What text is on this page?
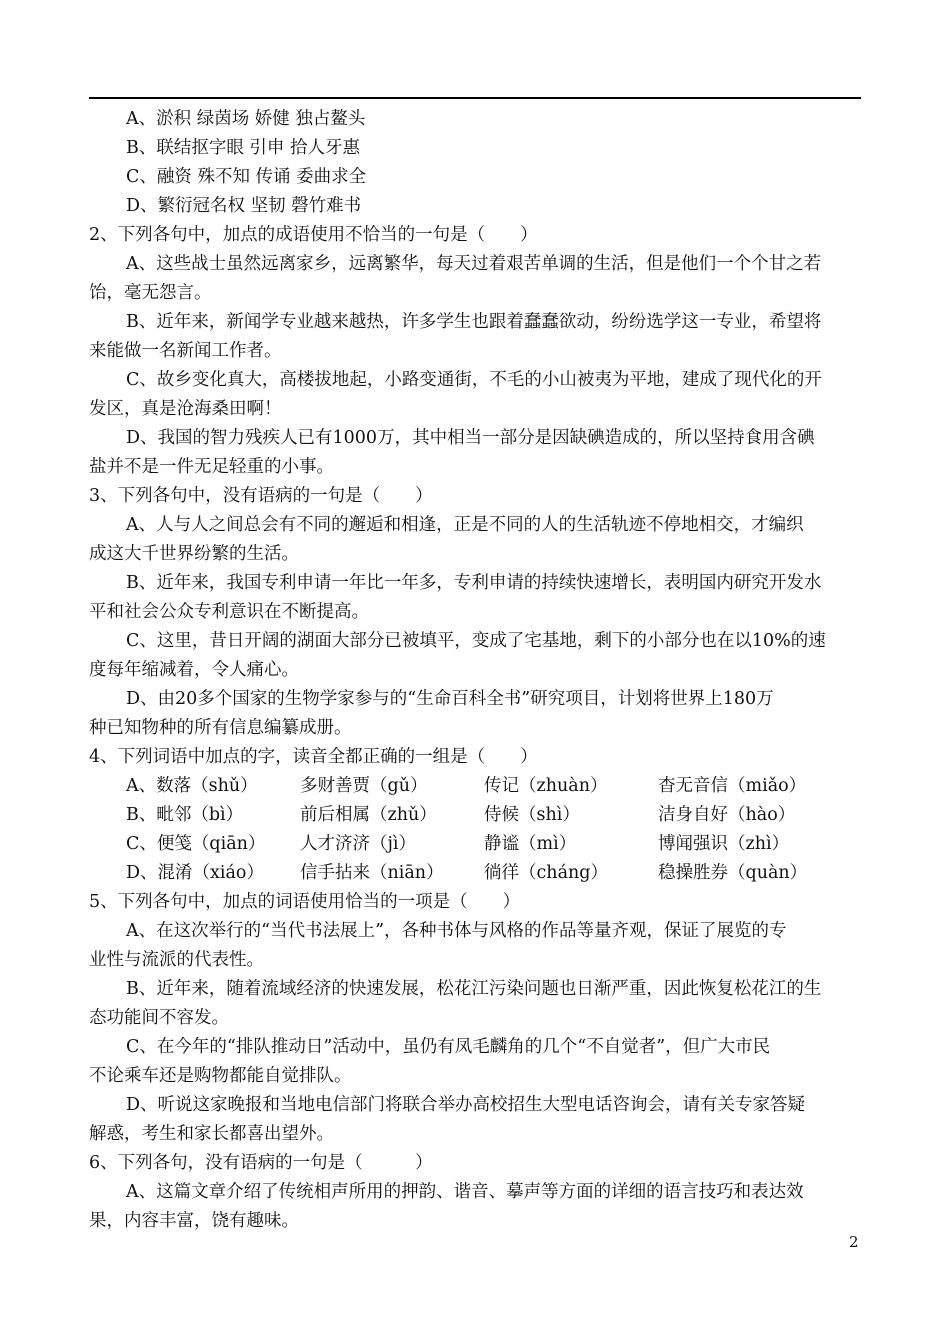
A、淤积 绿茵场 娇健 独占鳌头
B、联结抠字眼 引申 拾人牙惠
C、融资 殊不知 传诵 委曲求全
D、繁衍冠名权 坚韧 磬竹难书
2、下列各句中，加点的成语使用不恰当的一句是（　　）
A、这些战士虽然远离家乡，远离繁华，每天过着艰苦单调的生活，但是他们一个个甘之若
饴，毫无怨言。
B、近年来，新闻学专业越来越热，许多学生也跟着蠢蠢欲动，纷纷选学这一专业，希望将
来能做一名新闻工作者。
C、故乡变化真大，高楼拔地起，小路变通街，不毛的小山被夷为平地，建成了现代化的开
发区，真是沧海桑田啊！
D、我国的智力残疾人已有1000万，其中相当一部分是因缺碘造成的，所以坚持食用含碘
盐并不是一件无足轻重的小事。
3、下列各句中，没有语病的一句是（　　）
A、人与人之间总会有不同的邂逅和相逢，正是不同的人的生活轨迹不停地相交，才编织
成这大千世界纷繁的生活。
B、近年来，我国专利申请一年比一年多，专利申请的持续快速增长，表明国内研究开发水
平和社会公众专利意识在不断提高。
C、这里，昔日开阔的湖面大部分已被填平，变成了宅基地，剩下的小部分也在以10%的速
度每年缩减着，令人痛心。
D、由20多个国家的生物学家参与的“生命百科全书”研究项目，计划将世界上180万
种已知物种的所有信息编纂成册。
4、下列词语中加点的字，读音全都正确的一组是（　　）
A、数落（shǔ）	多财善贾（gǔ）	传记（zhuàn）	杳无音信（miǎo）
B、毗邻（bì）	前后相属（zhǔ）	侍候（shì）	洁身自好（hào）
C、便笺（qiān）	人才济济（jì）	静谧（mì）	博闻强识（zhì）
D、混淆（xiáo）	信手拈来（niān）	徜徉（cháng）	稳操胜券（quàn）
5、下列各句中，加点的词语使用恰当的一项是（　　）
A、在这次举行的“当代书法展上”，各种书体与风格的作品等量齐观，保证了展览的专
业性与流派的代表性。
B、近年来，随着流域经济的快速发展，松花江污染问题也日渐严重，因此恢复松花江的生
态功能间不容发。
C、在今年的“排队推动日”活动中，虽仍有凤毛麟角的几个“不自觉者”，但广大市民
不论乘车还是购物都能自觉排队。
D、听说这家晚报和当地电信部门将联合举办高校招生大型电话咨询会，请有关专家答疑
解惑，考生和家长都喜出望外。
6、下列各句，没有语病的一句是（　　　）
A、这篇文章介绍了传统相声所用的押韵、谐音、摹声等方面的详细的语言技巧和表达效
果，内容丰富，饶有趣味。
2
